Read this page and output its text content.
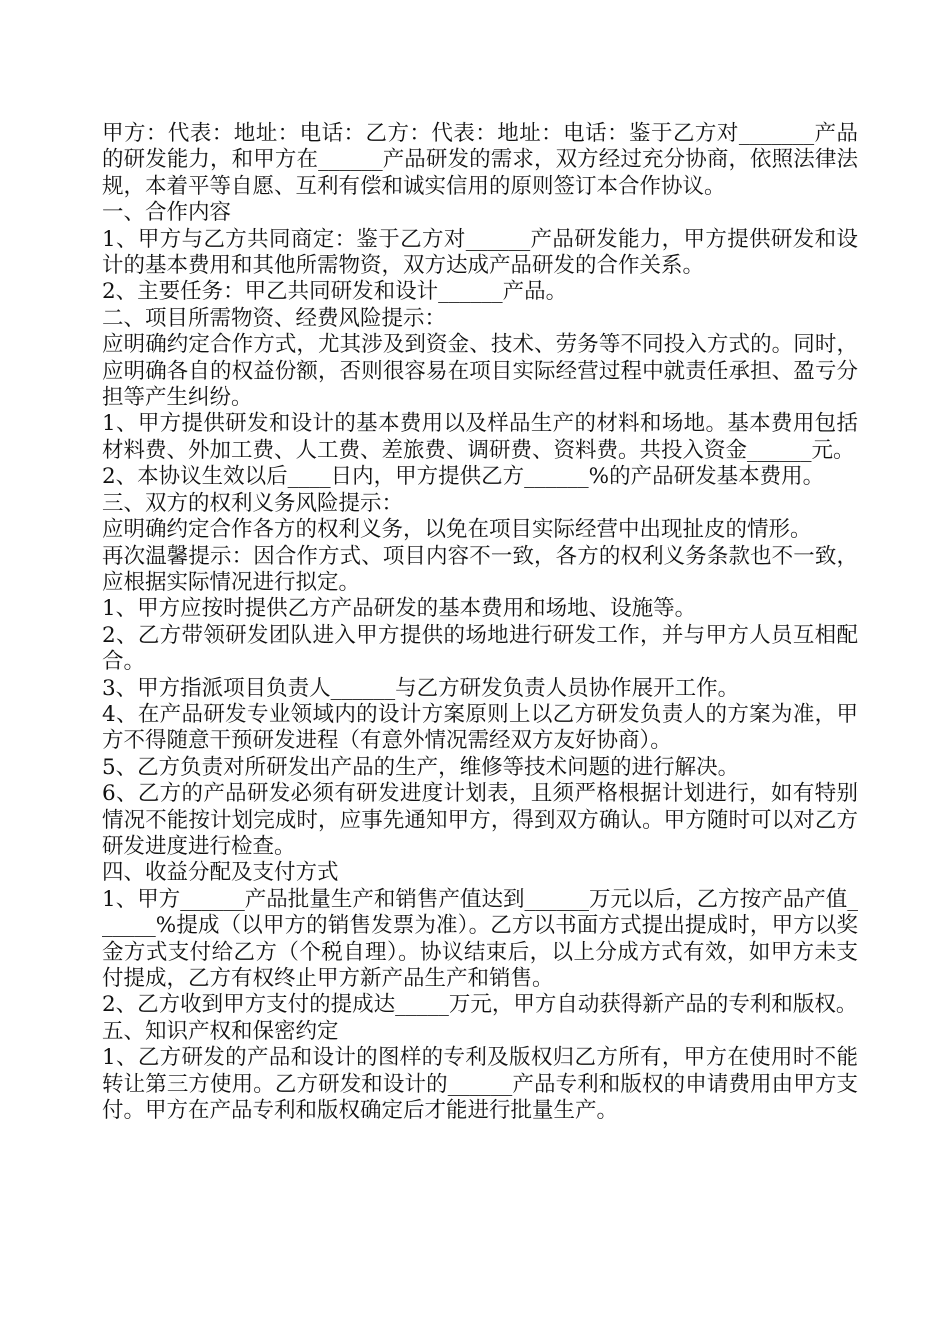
甲方：代表：地址：电话：乙方：代表：地址：电话：鉴于乙方对_______产品的研发能力，和甲方在______产品研发的需求，双方经过充分协商，依照法律法规，本着平等自愿、互利有偿和诚实信用的原则签订本合作协议。

一、合作内容

1、甲方与乙方共同商定：鉴于乙方对______产品研发能力，甲方提供研发和设计的基本费用和其他所需物资，双方达成产品研发的合作关系。

2、主要任务：甲乙共同研发和设计______产品。

二、项目所需物资、经费风险提示：

应明确约定合作方式，尤其涉及到资金、技术、劳务等不同投入方式的。同时，应明确各自的权益份额，否则很容易在项目实际经营过程中就责任承担、盈亏分担等产生纠纷。

1、甲方提供研发和设计的基本费用以及样品生产的材料和场地。基本费用包括材料费、外加工费、人工费、差旅费、调研费、资料费。共投入资金______元。

2、本协议生效以后____日内，甲方提供乙方______%的产品研发基本费用。

三、双方的权利义务风险提示：

应明确约定合作各方的权利义务，以免在项目实际经营中出现扯皮的情形。

再次温馨提示：因合作方式、项目内容不一致，各方的权利义务条款也不一致，应根据实际情况进行拟定。

1、甲方应按时提供乙方产品研发的基本费用和场地、设施等。

2、乙方带领研发团队进入甲方提供的场地进行研发工作，并与甲方人员互相配合。

3、甲方指派项目负责人______与乙方研发负责人员协作展开工作。

4、在产品研发专业领域内的设计方案原则上以乙方研发负责人的方案为准，甲方不得随意干预研发进程（有意外情况需经双方友好协商）。

5、乙方负责对所研发出产品的生产，维修等技术问题的进行解决。

6、乙方的产品研发必须有研发进度计划表，且须严格根据计划进行，如有特别情况不能按计划完成时，应事先通知甲方，得到双方确认。甲方随时可以对乙方研发进度进行检查。

四、收益分配及支付方式

1、甲方______产品批量生产和销售产值达到______万元以后，乙方按产品产值______%提成（以甲方的销售发票为准）。乙方以书面方式提出提成时，甲方以奖金方式支付给乙方（个税自理）。协议结束后，以上分成方式有效，如甲方未支付提成，乙方有权终止甲方新产品生产和销售。

2、乙方收到甲方支付的提成达_____万元，甲方自动获得新产品的专利和版权。

五、知识产权和保密约定

1、乙方研发的产品和设计的图样的专利及版权归乙方所有，甲方在使用时不能转让第三方使用。乙方研发和设计的______产品专利和版权的申请费用由甲方支付。甲方在产品专利和版权确定后才能进行批量生产。
